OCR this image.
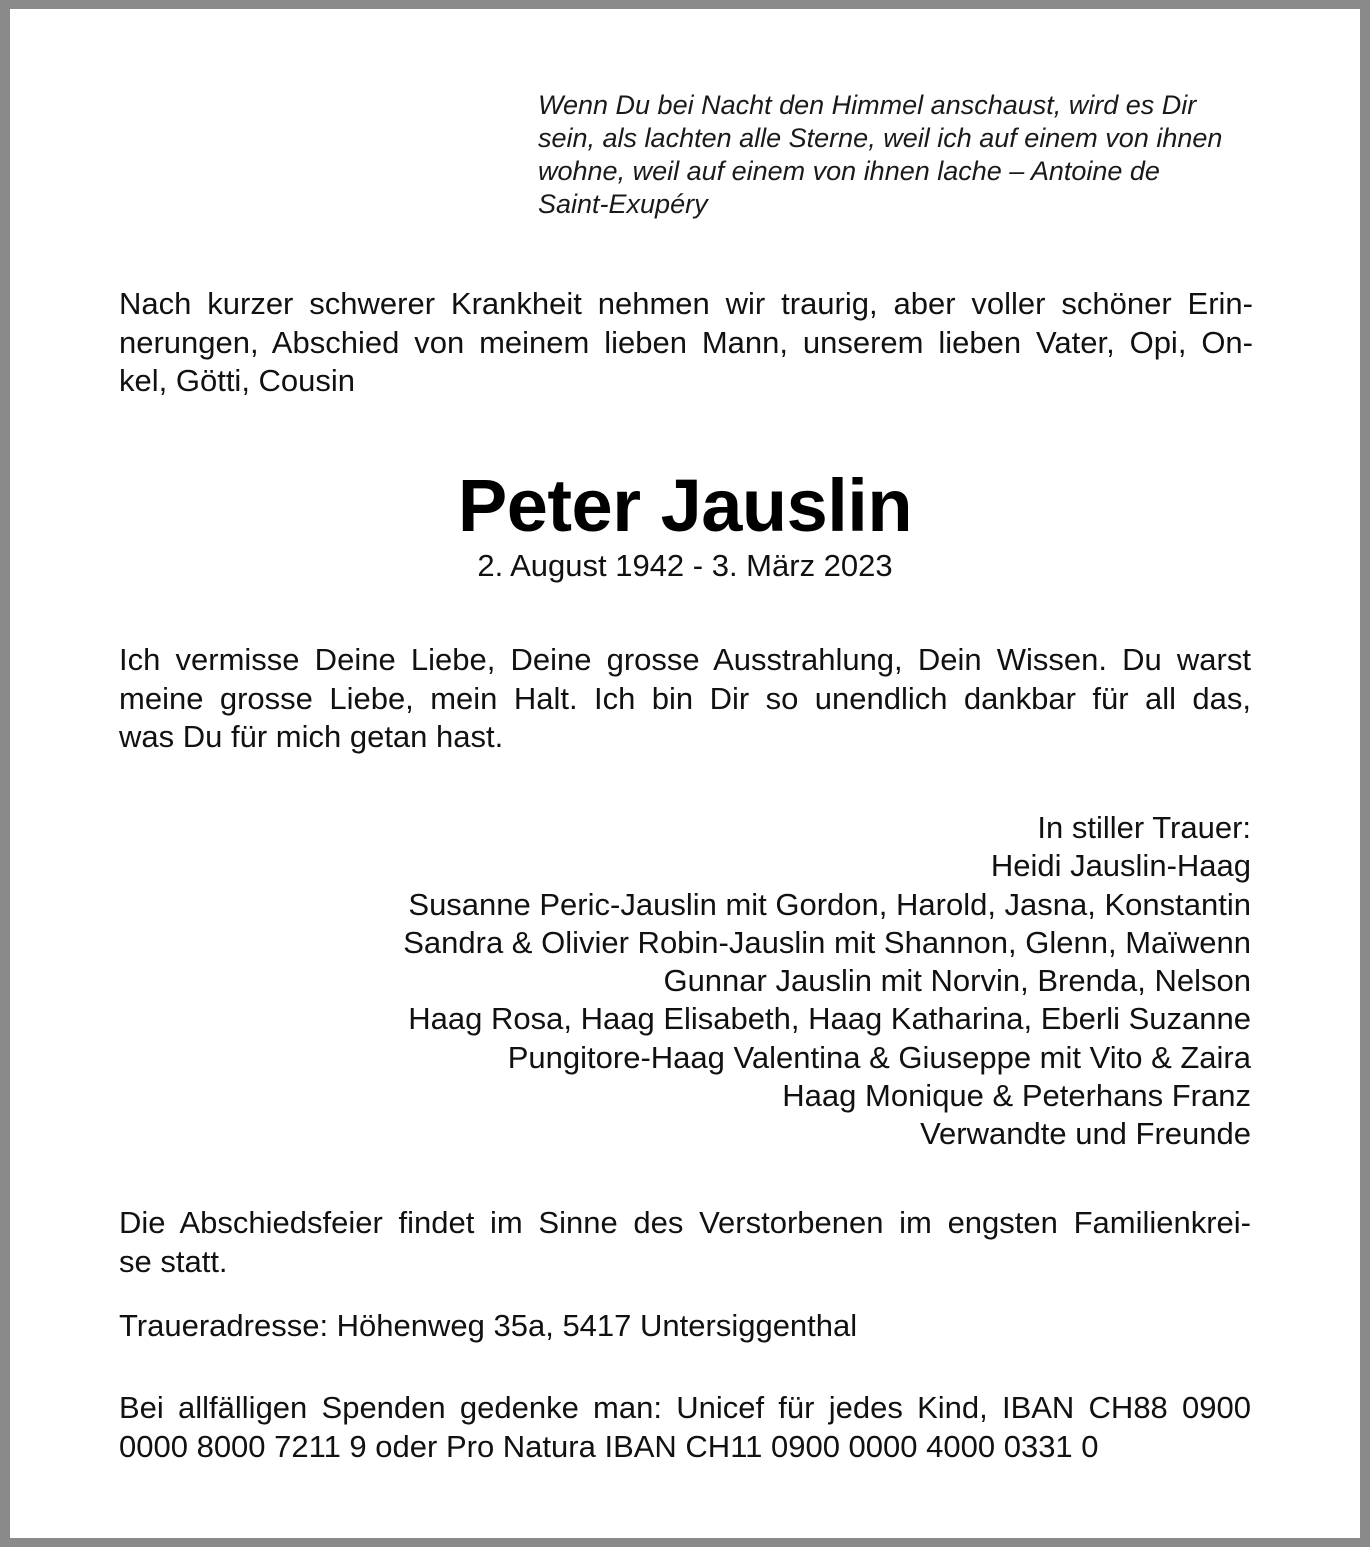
Wenn Du bei Nacht den Himmel anschaust, wird es Dir
sein, als lachten alle Sterne, weil ich auf einem von ihnen
wohne, weil auf einem von ihnen lache – Antoine de
Saint-Exupéry
Nach kurzer schwerer Krankheit nehmen wir traurig, aber voller schöner Erin-
nerungen, Abschied von meinem lieben Mann, unserem lieben Vater, Opi, On-
kel, Götti, Cousin
Peter Jauslin
2. August 1942 - 3. März 2023
Ich vermisse Deine Liebe, Deine grosse Ausstrahlung, Dein Wissen. Du warst
meine grosse Liebe, mein Halt. Ich bin Dir so unendlich dankbar für all das,
was Du für mich getan hast.
In stiller Trauer:
Heidi Jauslin-Haag
Susanne Peric-Jauslin mit Gordon, Harold, Jasna, Konstantin
Sandra & Olivier Robin-Jauslin mit Shannon, Glenn, Maïwenn
Gunnar Jauslin mit Norvin, Brenda, Nelson
Haag Rosa, Haag Elisabeth, Haag Katharina, Eberli Suzanne
Pungitore-Haag Valentina & Giuseppe mit Vito & Zaira
Haag Monique & Peterhans Franz
Verwandte und Freunde
Die Abschiedsfeier findet im Sinne des Verstorbenen im engsten Familienkrei-
se statt.
Traueradresse: Höhenweg 35a, 5417 Untersiggenthal
Bei allfälligen Spenden gedenke man: Unicef für jedes Kind, IBAN CH88 0900
0000 8000 7211 9 oder Pro Natura IBAN CH11 0900 0000 4000 0331 0
